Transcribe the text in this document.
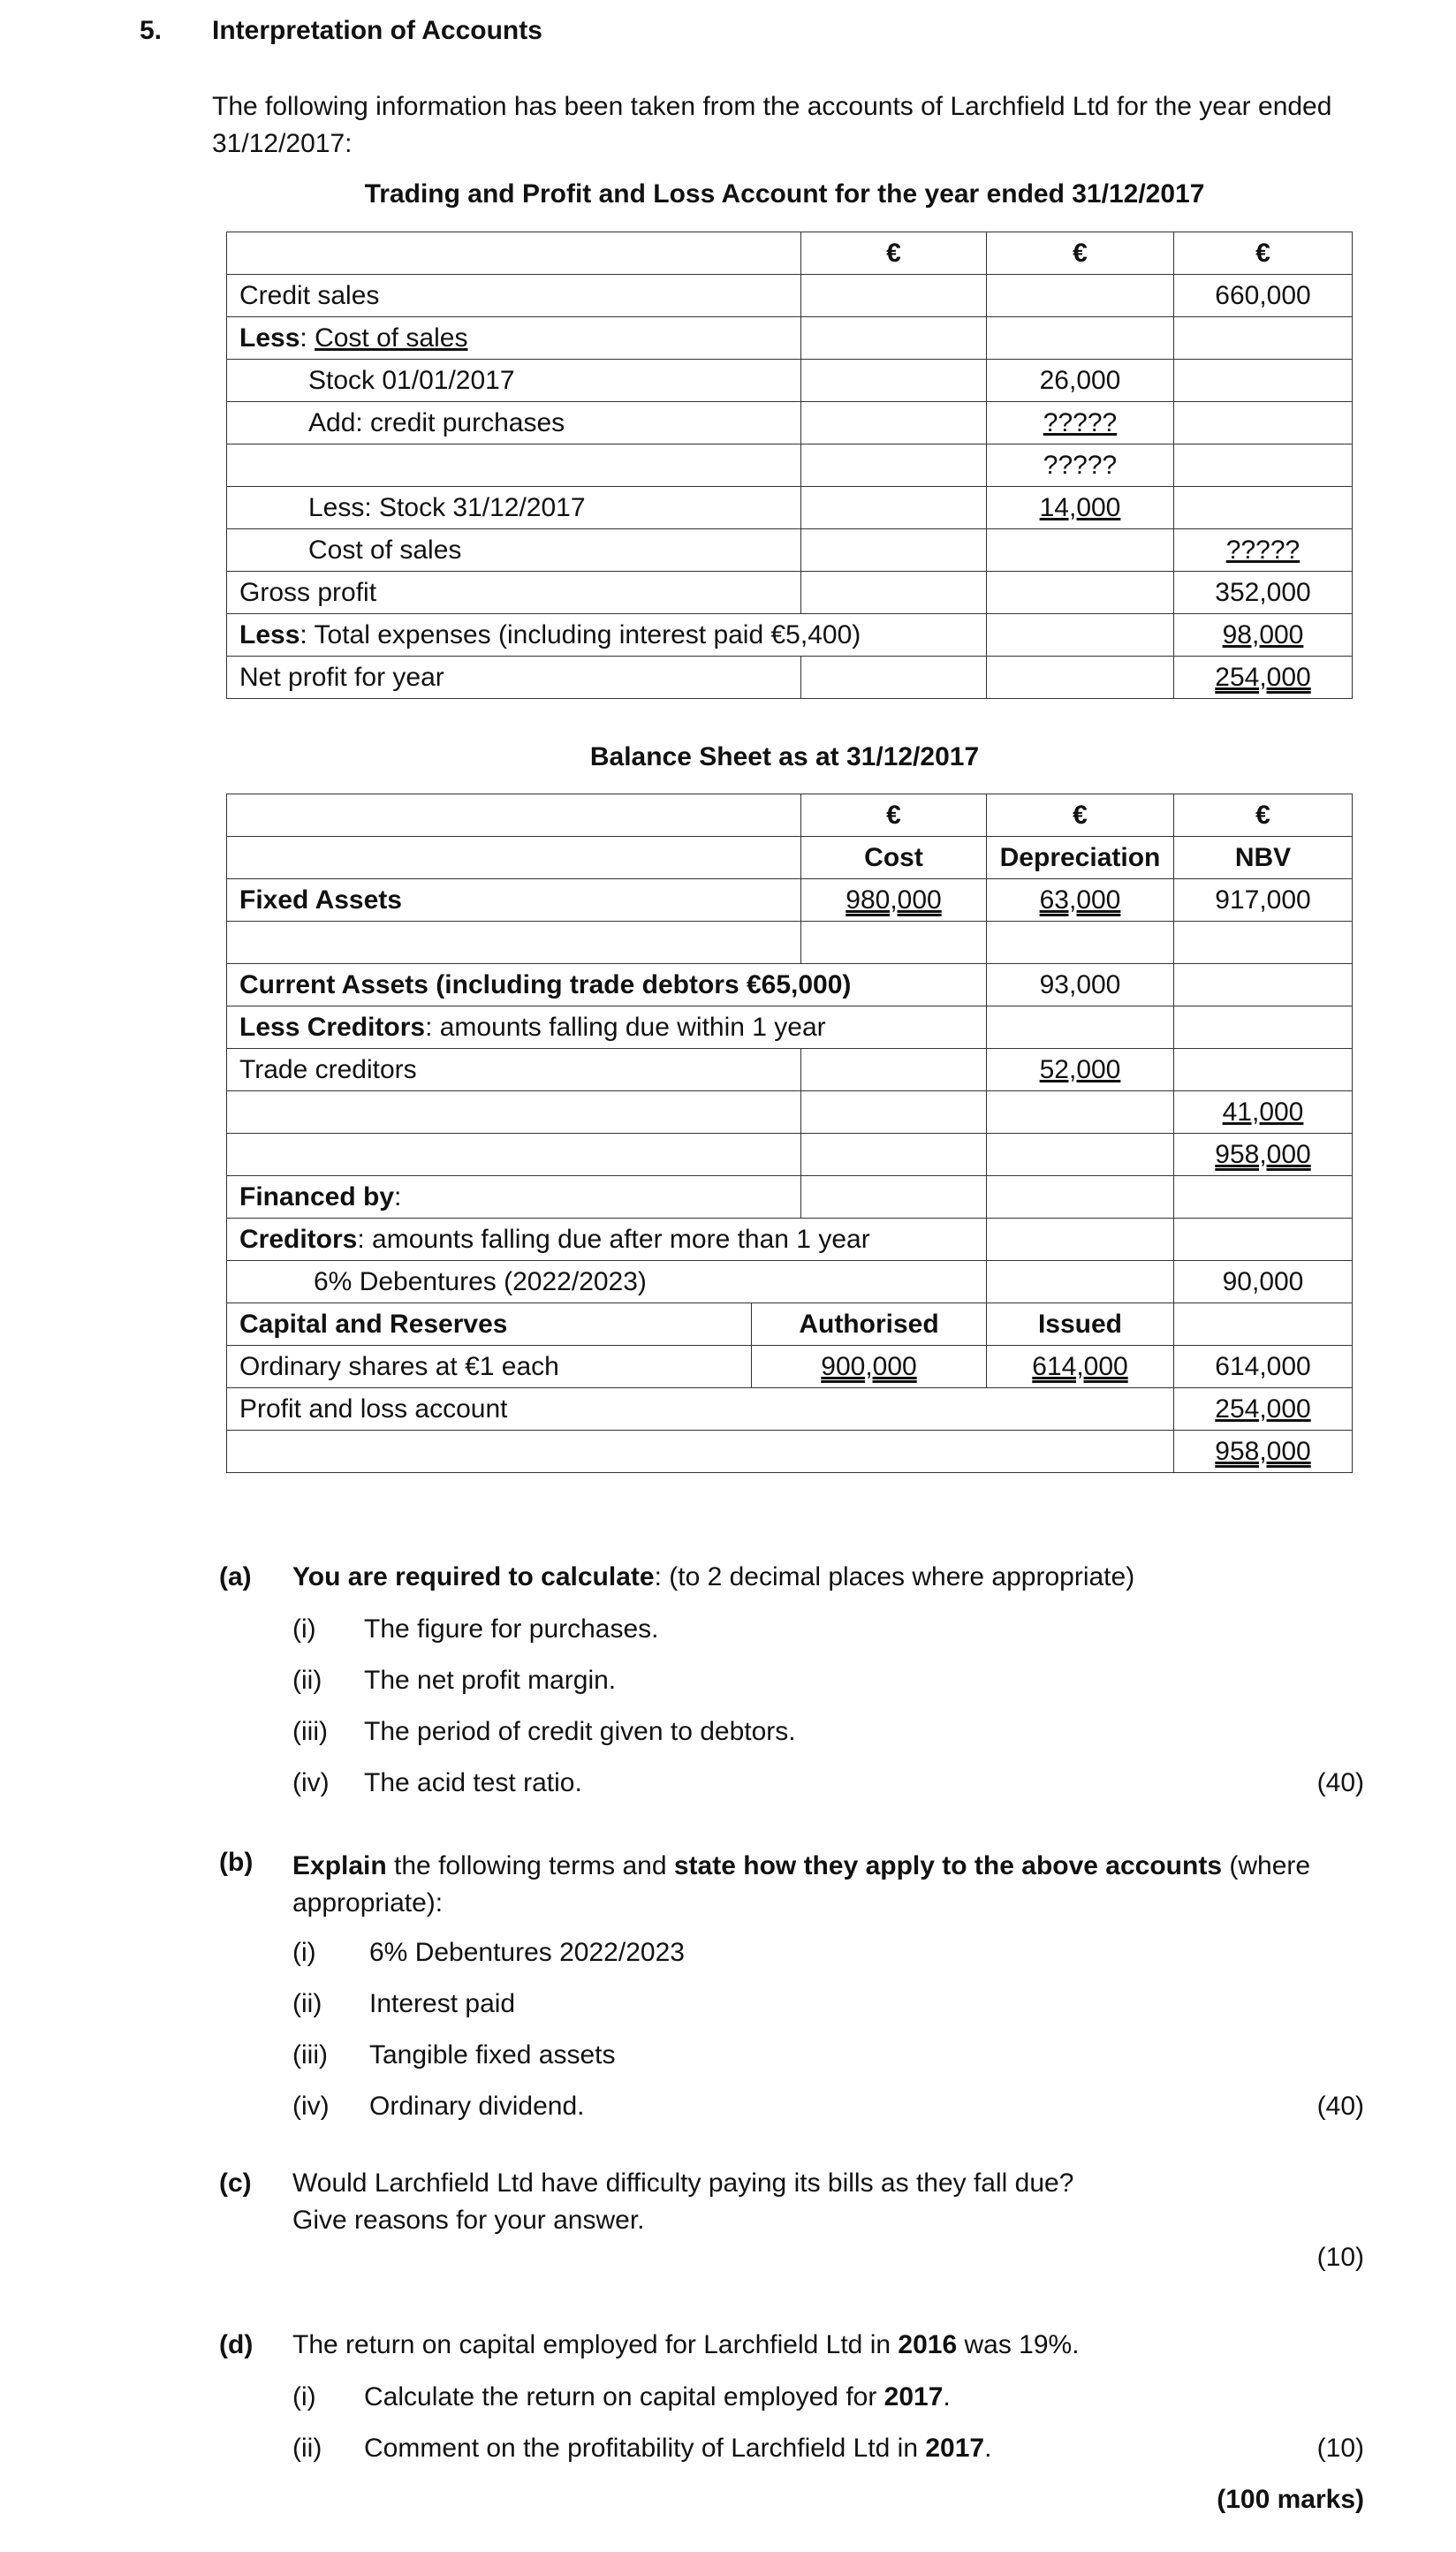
5. Interpretation of Accounts
The following information has been taken from the accounts of Larchfield Ltd for the year ended 31/12/2017:
Trading and Profit and Loss Account for the year ended 31/12/2017
	€	€	€
Credit sales			660,000
Less: Cost of sales			
Stock 01/01/2017		26,000	
Add: credit purchases		?????	
		?????	
Less: Stock 31/12/2017		14,000	
Cost of sales			?????
Gross profit			352,000
Less: Total expenses (including interest paid €5,400)			98,000
Net profit for year			254,000
Balance Sheet as at 31/12/2017
		€	€	€
		Cost	Depreciation	NBV
Fixed Assets		980,000	63,000	917,000

Current Assets (including trade debtors €65,000)			93,000	
Less Creditors: amounts falling due within 1 year				
Trade creditors			52,000	
				41,000
				958,000
Financed by:				
Creditors: amounts falling due after more than 1 year				
6% Debentures (2022/2023)				90,000
Capital and Reserves	Authorised		Issued	
Ordinary shares at €1 each	900,000		614,000	614,000
Profit and loss account				254,000
				958,000
(a) You are required to calculate: (to 2 decimal places where appropriate)
(i) The figure for purchases.
(ii) The net profit margin.
(iii) The period of credit given to debtors.
(iv) The acid test ratio.	(40)
(b) Explain the following terms and state how they apply to the above accounts (where
appropriate):
(i) 6% Debentures 2022/2023
(ii) Interest paid
(iii) Tangible fixed assets
(iv) Ordinary dividend.	(40)
(c) Would Larchfield Ltd have difficulty paying its bills as they fall due?
Give reasons for your answer.
(10)
(d) The return on capital employed for Larchfield Ltd in 2016 was 19%.
(i) Calculate the return on capital employed for 2017.
(ii) Comment on the profitability of Larchfield Ltd in 2017.	(10)
(100 marks)
